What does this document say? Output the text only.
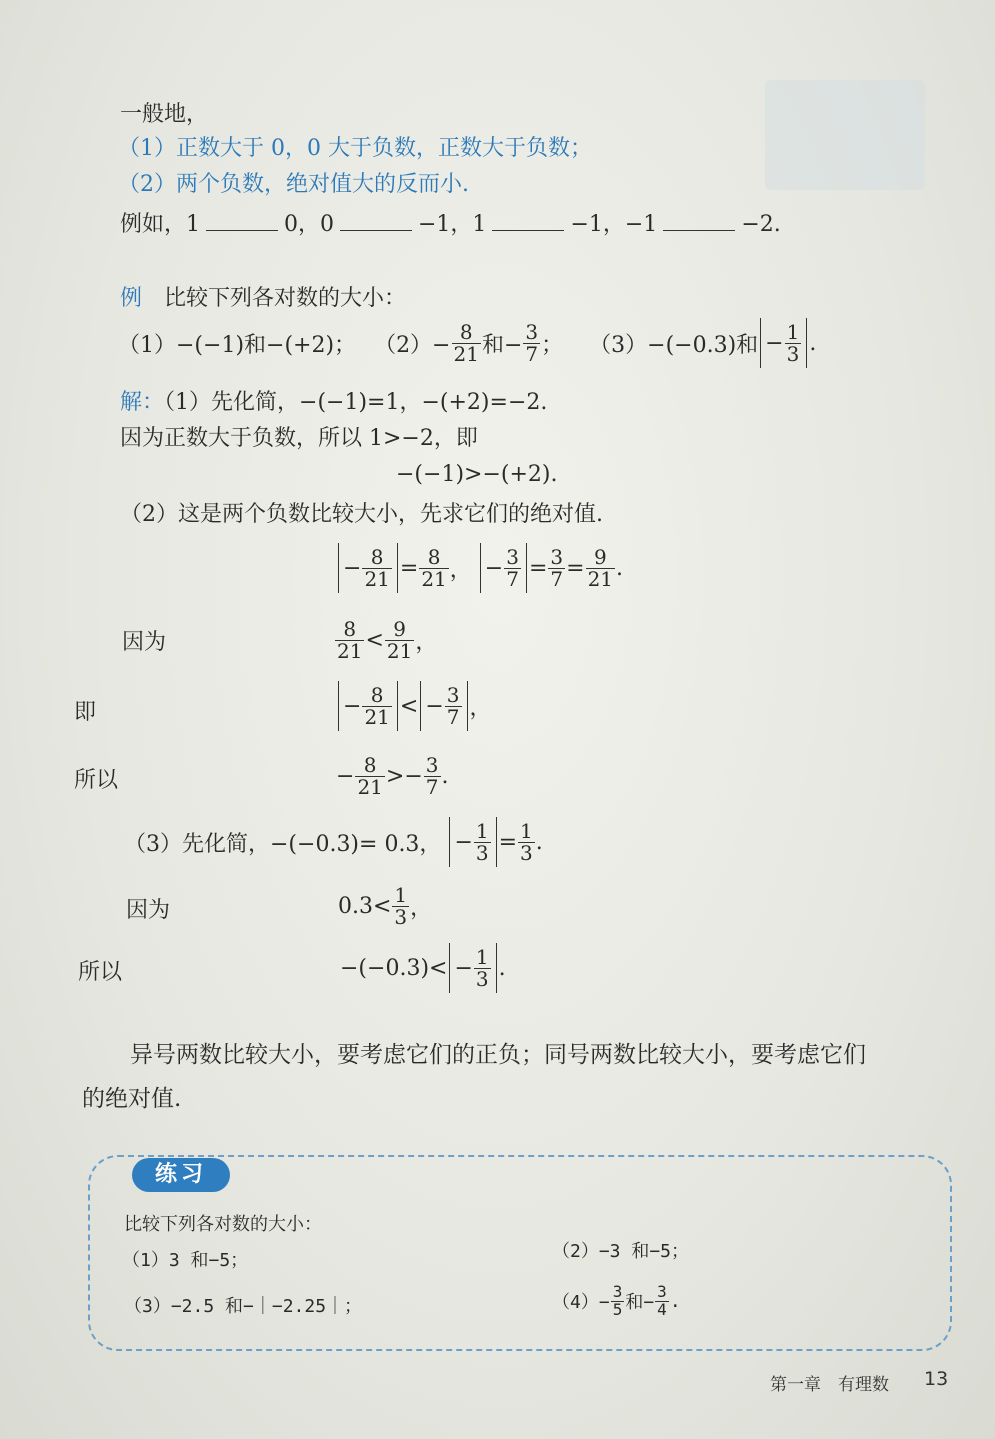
一般地，
（1）正数大于 0，0 大于负数，正数大于负数；
（2）两个负数，绝对值大的反而小.
例如，1	0，0	−1，1	−1，−1	−2.
例　 比较下列各对数的大小：
（1）−(−1)和−(+2)； $(2)- \frac{8}{21}$ 和− $\frac{3}{7}$ ； （3）−(−0.3)和 − $\frac{1}{3}$ .
解：（1）先化简，−(−1)=1，−(+2)=−2.
因为正数大于负数，所以 1>−2，即
−(−1)>−(+2).
（2）这是两个负数比较大小，先求它们的绝对值.
− $\frac{8}{21} = \frac{8}{21}$ ， − $\frac{3}{7} = \frac{3}{7} = \frac{9}{21}$ .
因为	$\frac{8}{21} < \frac{9}{21}$ ，
即	− $\frac{8}{21}$ < − $\frac{3}{7}$ ，
所以	− $\frac{8}{21}$ > − $\frac{3}{7}$ .
（3）先化简，−(−0.3)= 0.3， − $\frac{1}{3} = \frac{1}{3}$ .
因为	$0.3< \frac{1}{3}$ ，
所以	$-(-0.3)< - \frac{1}{3}$ .
异号两数比较大小，要考虑它们的正负；同号两数比较大小，要考虑它们
的绝对值.
练习
比较下列各对数的大小：
（1）3 和−5；	（2）−3 和−5；
（3）−2.5 和−｜−2.25｜；	$(4)- \frac{3}{5}$ 和− $\frac{3}{4}$ .
第一章　有理数 13
